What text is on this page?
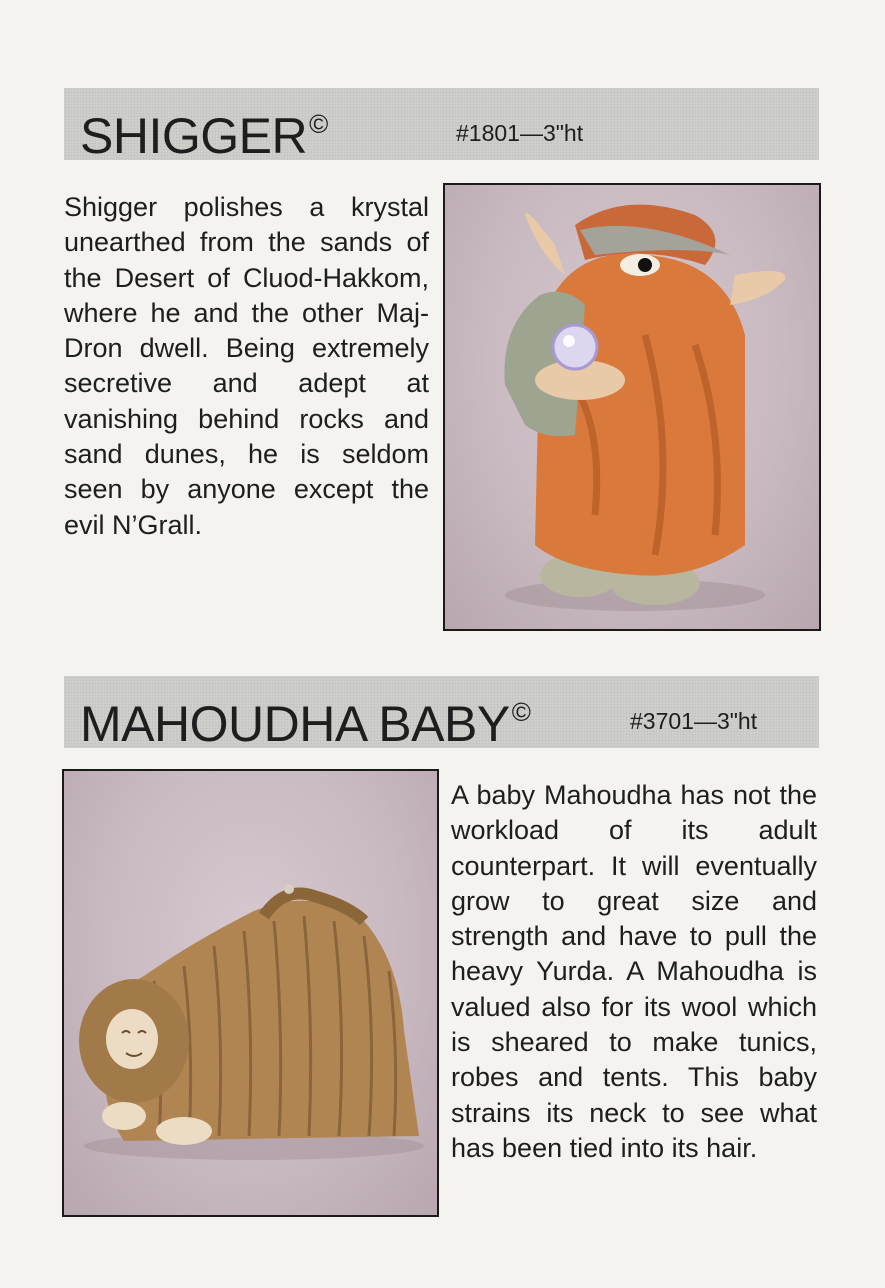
SHIGGER©	#1801—3"ht
Shigger polishes a krystal unearthed from the sands of the Desert of Cluod-Hakkom, where he and the other Maj-Dron dwell. Being extremely secretive and adept at vanishing behind rocks and sand dunes, he is seldom seen by anyone except the evil N’Grall.
MAHOUDHA BABY©	#3701—3"ht
A baby Mahoudha has not the workload of its adult counterpart. It will eventually grow to great size and strength and have to pull the heavy Yurda. A Mahoudha is valued also for its wool which is sheared to make tunics, robes and tents. This baby strains its neck to see what has been tied into its hair.
